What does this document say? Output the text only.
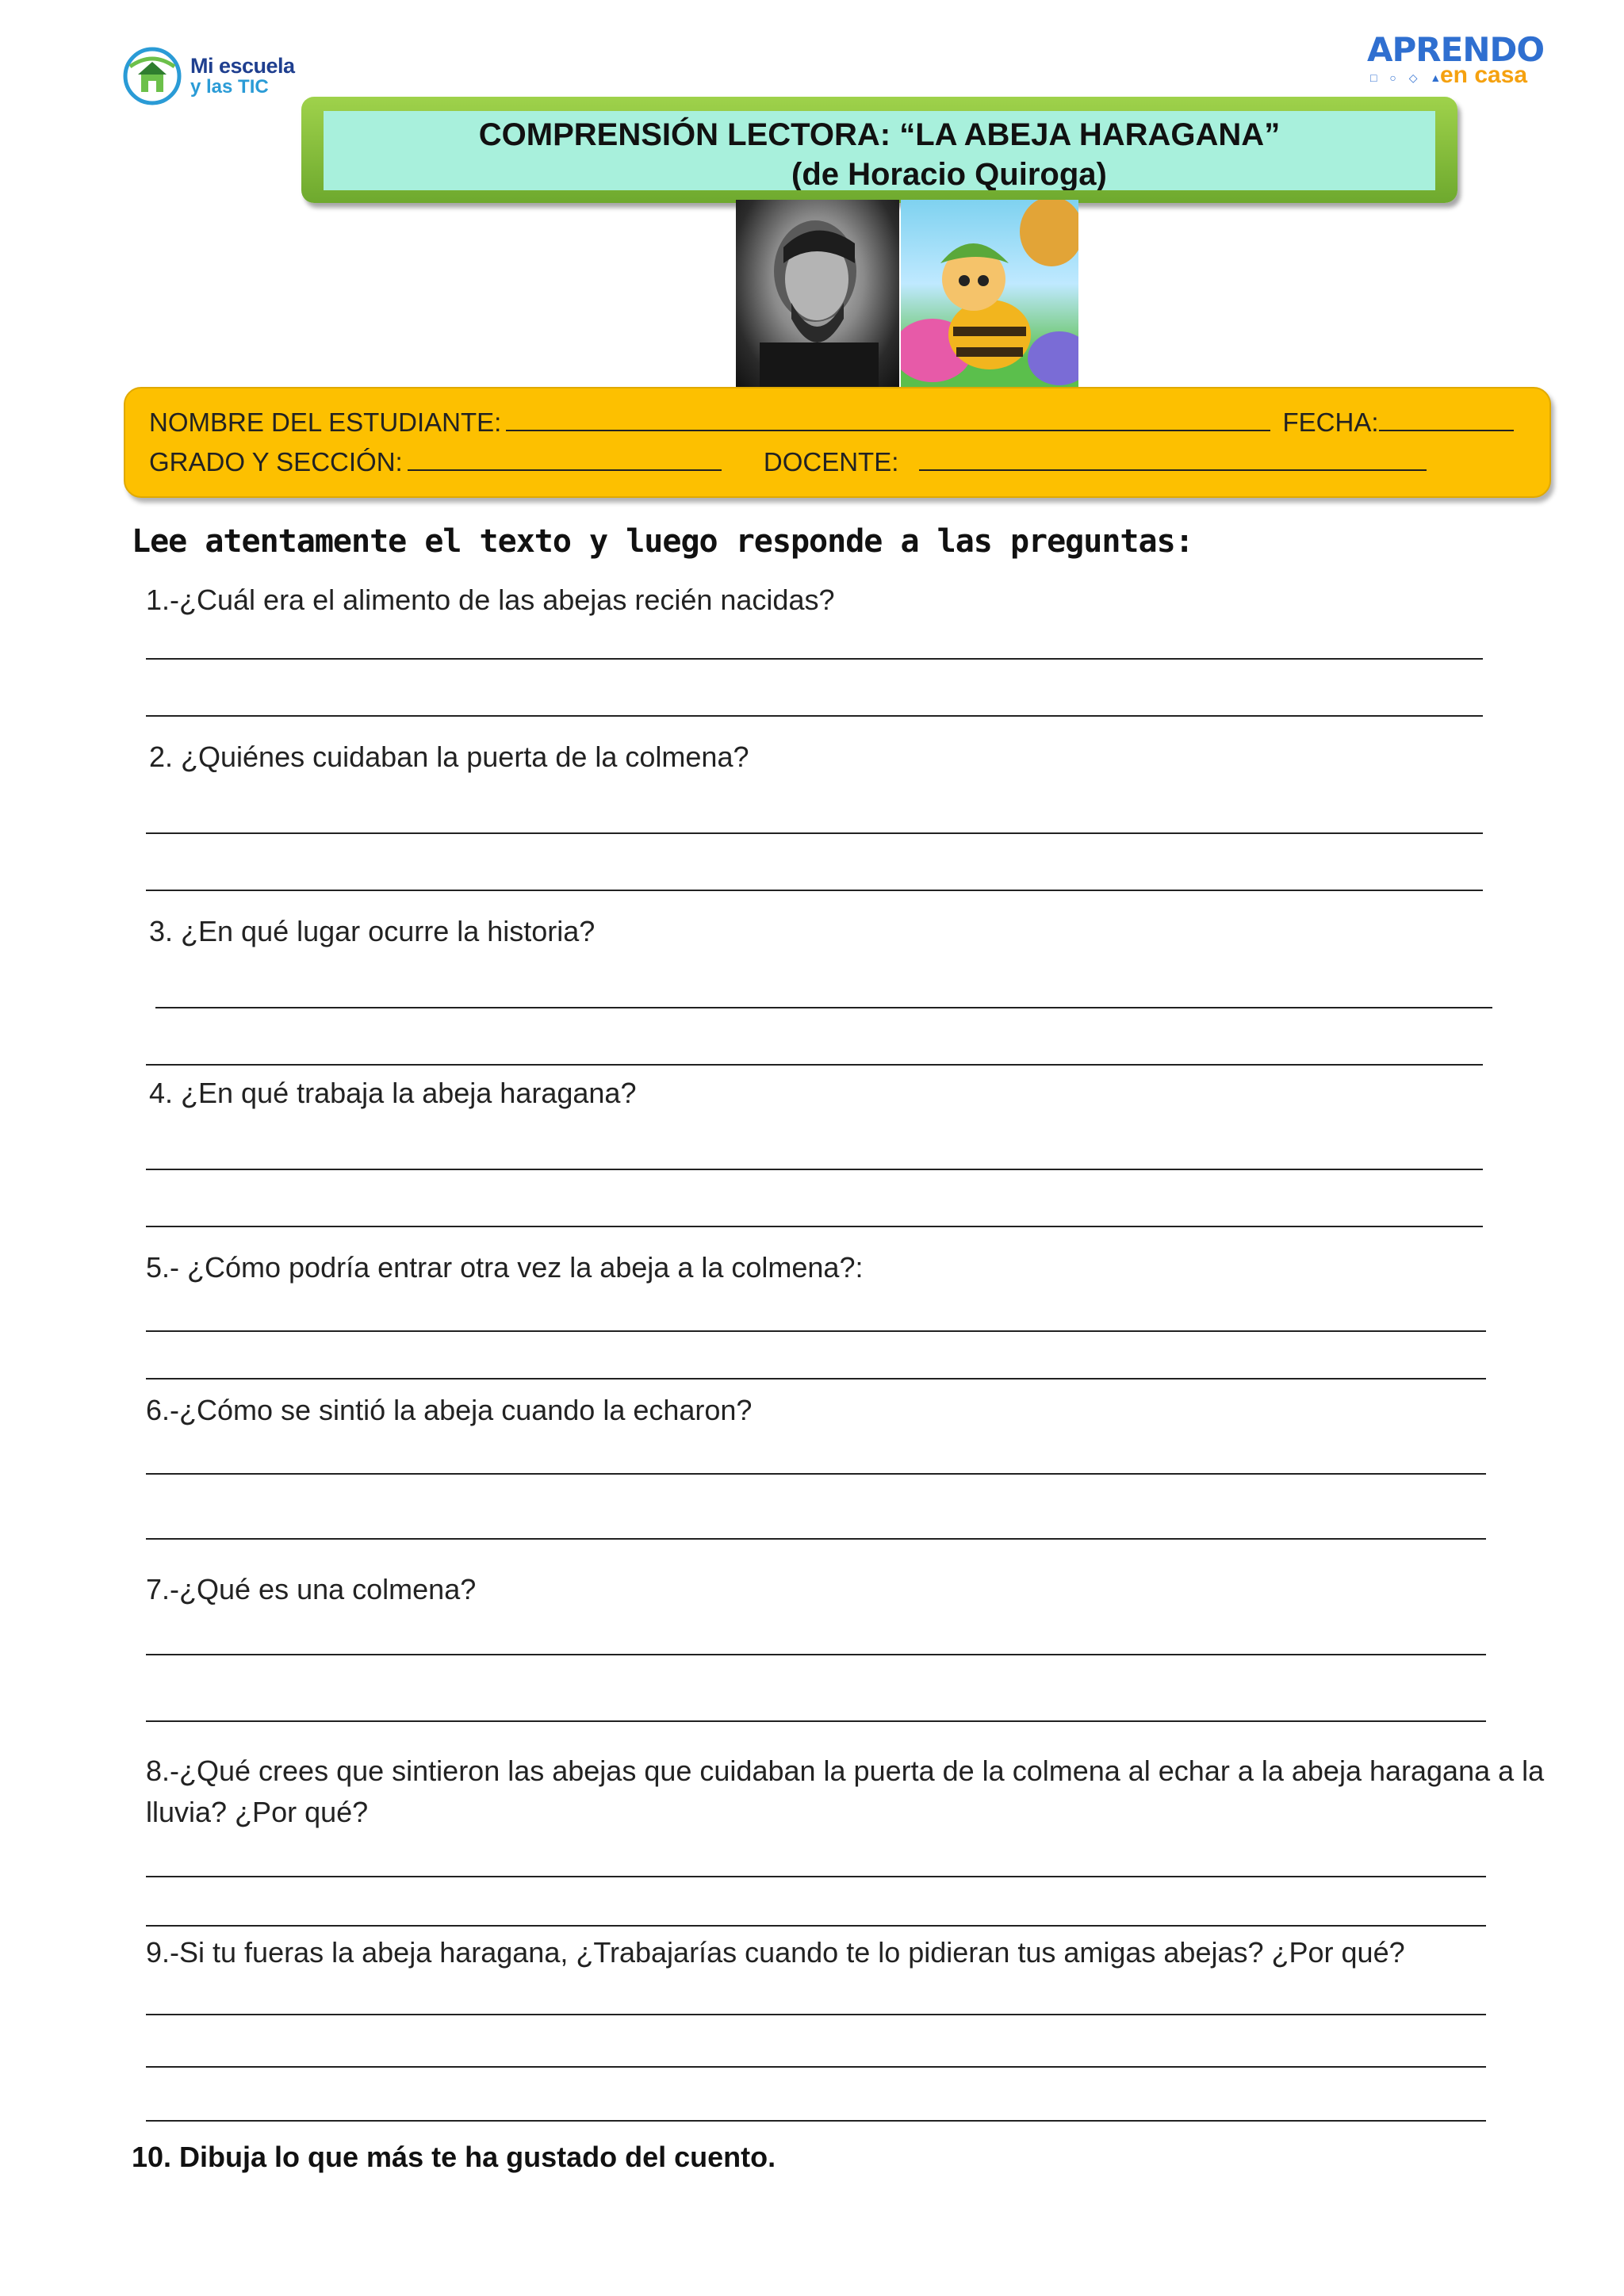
Mi escuela
y las TIC
APRENDO
□ ○ ◇ ▲
en casa
COMPRENSIÓN LECTORA: “LA ABEJA HARAGANA”
(de Horacio Quiroga)
NOMBRE DEL ESTUDIANTE:	FECHA:
GRADO Y SECCIÓN:	DOCENTE:
Lee atentamente el texto y luego responde a las preguntas:
1.-¿Cuál era el alimento de las abejas recién nacidas?
2. ¿Quiénes cuidaban la puerta de la colmena?
3. ¿En qué lugar ocurre la historia?
4. ¿En qué trabaja la abeja haragana?
5.- ¿Cómo podría entrar otra vez la abeja a la colmena?:
6.-¿Cómo se sintió la abeja cuando la echaron?
7.-¿Qué es una colmena?
8.-¿Qué crees que sintieron las abejas que cuidaban la puerta de la colmena al echar a la abeja haragana a la lluvia? ¿Por qué?
9.-Si tu fueras la abeja haragana, ¿Trabajarías cuando te lo pidieran tus amigas abejas? ¿Por qué?
10. Dibuja lo que más te ha gustado del cuento.
